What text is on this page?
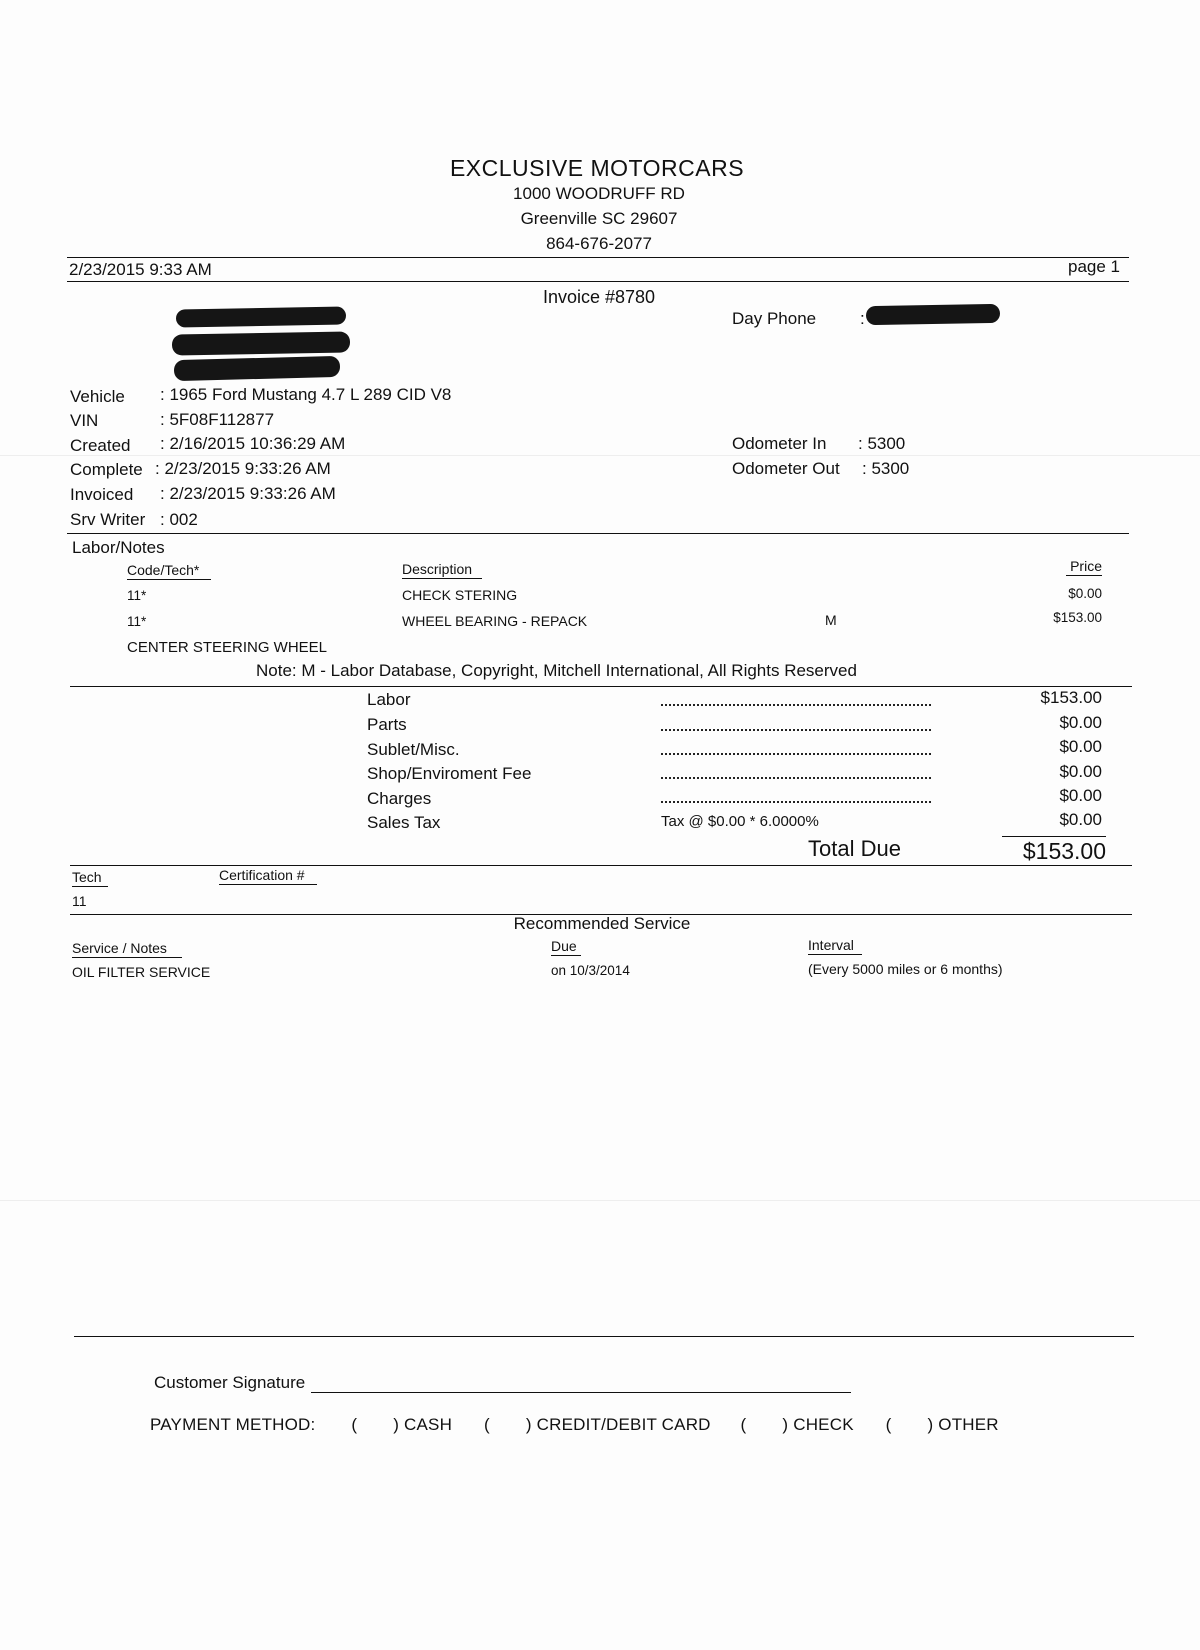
EXCLUSIVE MOTORCARS
1000 WOODRUFF RD
Greenville SC 29607
864-676-2077
2/23/2015 9:33 AM	page 1
Invoice #8780
Day Phone	:
Vehicle : 1965 Ford Mustang 4.7 L 289 CID V8
VIN	: 5F08F112877
Created : 2/16/2015 10:36:29 AM
Complete : 2/23/2015 9:33:26 AM
Invoiced : 2/23/2015 9:33:26 AM
Srv Writer : 002
Odometer In : 5300
Odometer Out : 5300
Labor/Notes
Code/Tech*	Description	Price
11*	CHECK STERING	$0.00
11*	WHEEL BEARING - REPACK	M	$153.00
CENTER STEERING WHEEL
Note: M - Labor Database, Copyright, Mitchell International, All Rights Reserved
Labor	$153.00
Parts	$0.00
Sublet/Misc.	$0.00
Shop/Enviroment Fee	$0.00
Charges	$0.00
Sales Tax	Tax @ $0.00 * 6.0000%	$0.00
Total Due	$153.00
Tech	Certification #
11
Recommended Service
Service / Notes	Due	Interval
OIL FILTER SERVICE	on 10/3/2014	(Every 5000 miles or 6 months)
Customer Signature
PAYMENT METHOD: ( ) CASH ( ) CREDIT/DEBIT CARD ( ) CHECK ( ) OTHER
